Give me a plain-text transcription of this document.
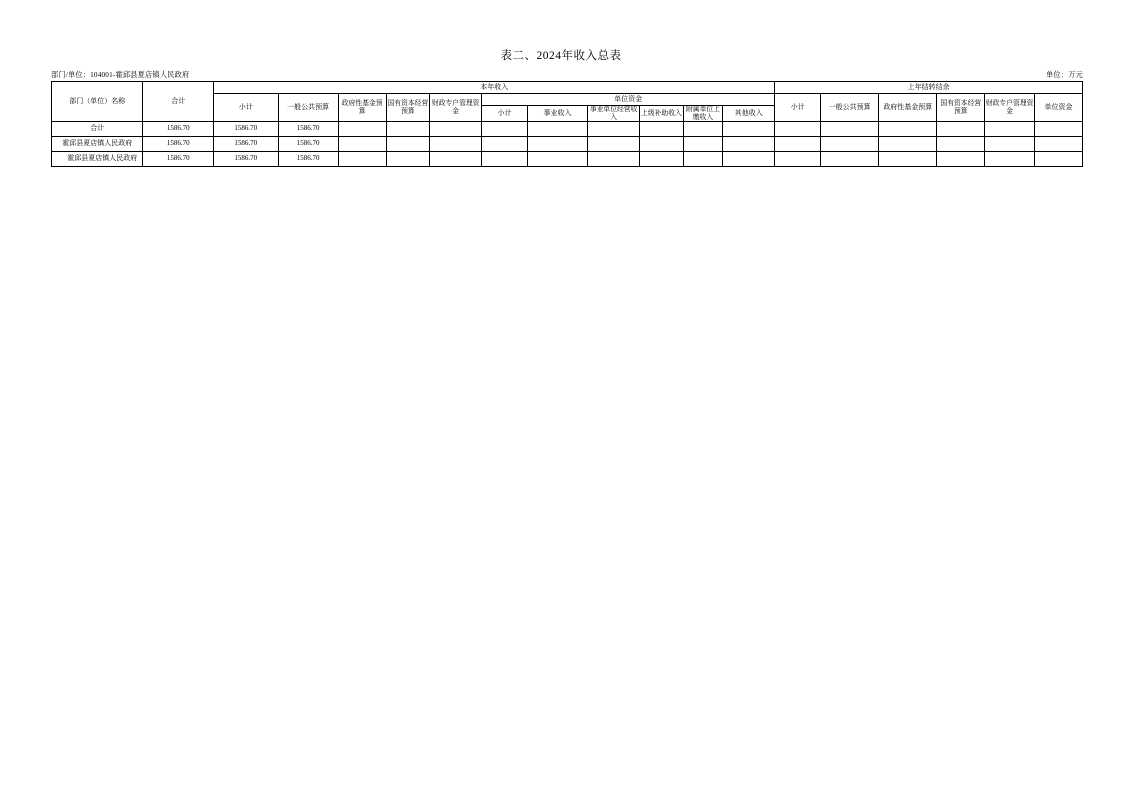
表二、2024年收入总表
部门/单位：104001-霍邱县夏店镇人民政府	单位：万元
部门（单位）名称	合计	本年收入											上年结转结余					
		小计	一般公共预算	政府性基金预算	国有资本经营预算	财政专户管理资金	单位资金						小计	一般公共预算	政府性基金预算	国有资本经营预算	财政专户管理资金	单位资金
							小计	事业收入	事业单位经营收入	上级补助收入	附属单位上缴收入	其他收入						
合计	1586.70	1586.70	1586.70															
霍邱县夏店镇人民政府	1586.70	1586.70	1586.70															
霍邱县夏店镇人民政府	1586.70	1586.70	1586.70															
